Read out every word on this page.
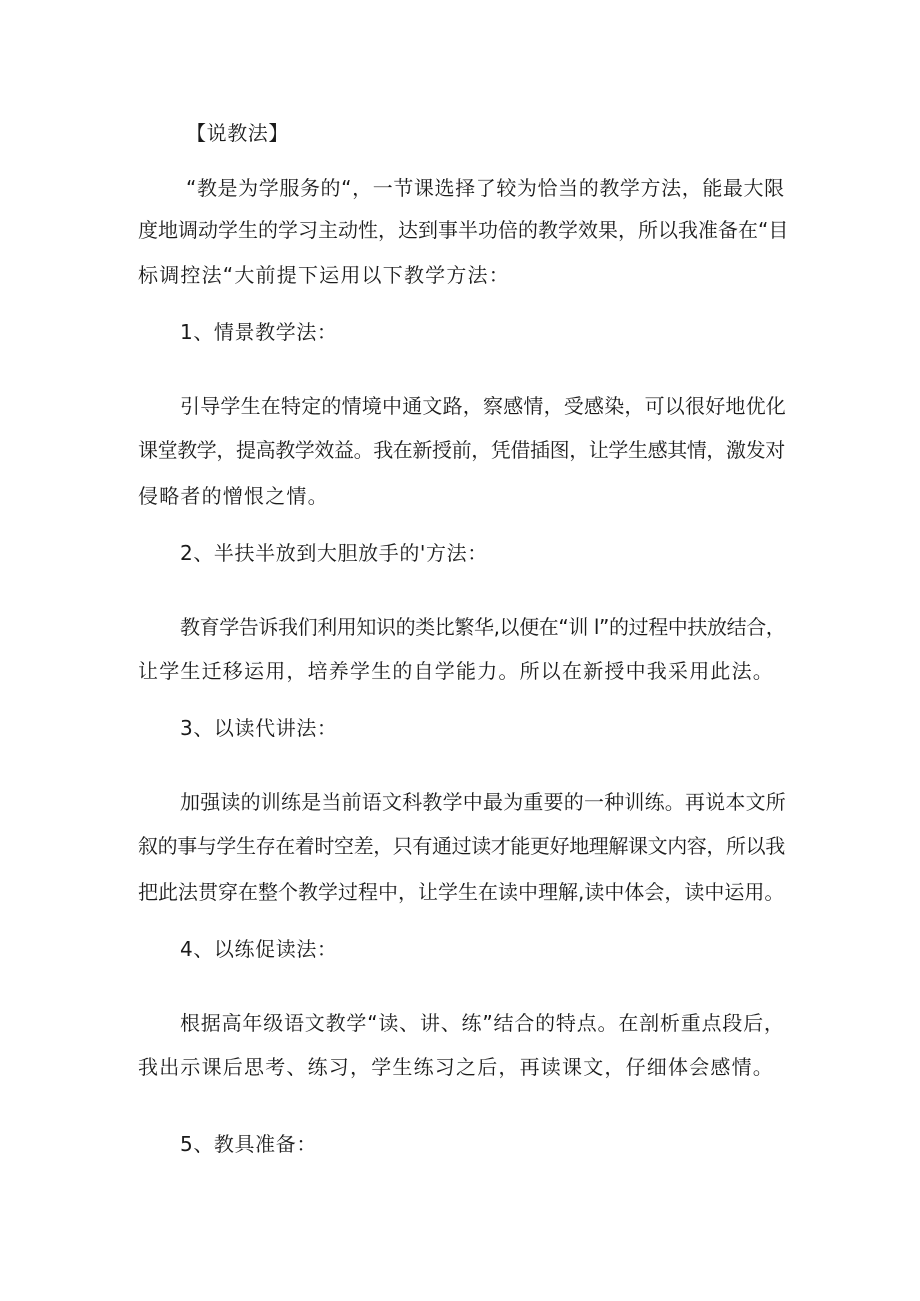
【说教法】
“教是为学服务的“，一节课选择了较为恰当的教学方法，能最大限
度地调动学生的学习主动性，达到事半功倍的教学效果，所以我准备在“目
标调控法“大前提下运用以下教学方法：
1、情景教学法：
引导学生在特定的情境中通文路，察感情，受感染，可以很好地优化
课堂教学，提高教学效益。我在新授前，凭借插图，让学生感其情，激发对
侵略者的憎恨之情。
2、半扶半放到大胆放手的'方法：
教育学告诉我们利用知识的类比繁华,以便在“训 l”的过程中扶放结合，
让学生迁移运用，培养学生的自学能力。所以在新授中我采用此法。
3、以读代讲法：
加强读的训练是当前语文科教学中最为重要的一种训练。再说本文所
叙的事与学生存在着时空差，只有通过读才能更好地理解课文内容，所以我
把此法贯穿在整个教学过程中，让学生在读中理解,读中体会，读中运用。
4、以练促读法：
根据高年级语文教学“读、讲、练”结合的特点。在剖析重点段后，
我出示课后思考、练习，学生练习之后，再读课文，仔细体会感情。
5、教具准备：
